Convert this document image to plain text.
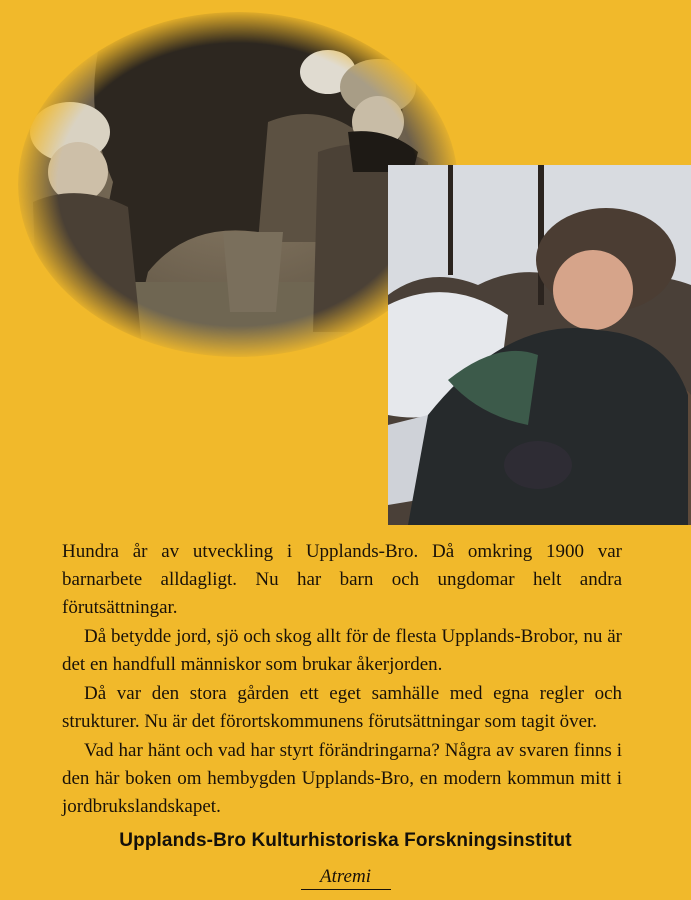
Hundra år av utveckling i Upplands-Bro. Då omkring 1900 var barnarbete alldagligt. Nu har barn och ungdomar helt andra förutsättningar.

Då betydde jord, sjö och skog allt för de flesta Upplands-Brobor, nu är det en handfull människor som brukar åkerjorden.

Då var den stora gården ett eget samhälle med egna regler och strukturer. Nu är det förortskommunens förutsättningar som tagit över.

Vad har hänt och vad har styrt förändringarna? Några av svaren finns i den här boken om hembygden Upplands-Bro, en modern kommun mitt i jordbrukslandskapet.

Upplands-Bro Kulturhistoriska Forskningsinstitut
Atremi
